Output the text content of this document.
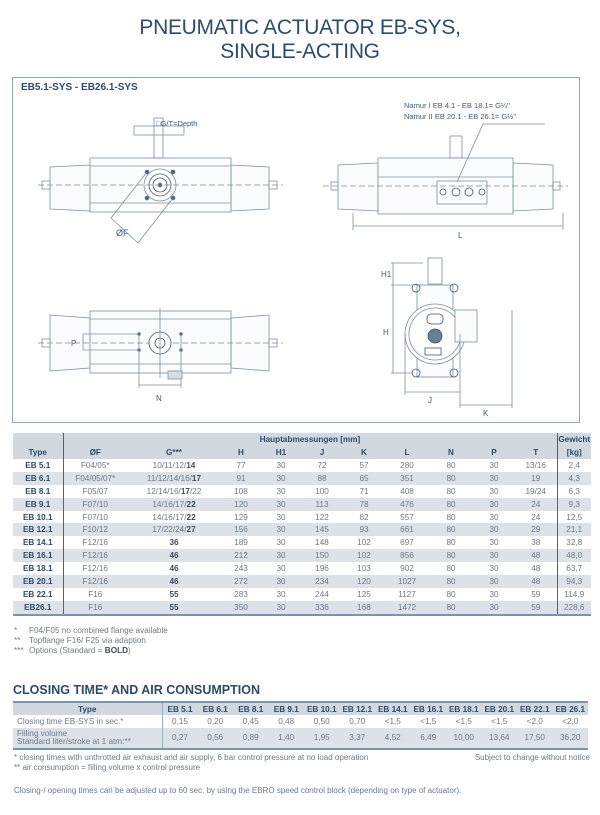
PNEUMATIC ACTUATOR EB-SYS,
SINGLE-ACTING
EB5.1-SYS - EB26.1-SYS
□G/T=Depth
ØF
Namur I EB 4.1 - EB 18.1= G¼"
Namur II EB 20.1 - EB 26.1= G½"
L
P
N
H
H1
J
K
	Hauptabmessungen [mm]										Gewicht
Type	ØF	G***	H	H1	J	K	L	N	P	T	[kg]
EB 5.1	F04/05*	10/11/12/14	77	30	72	57	280	80	30	13/16	2,4
EB 6.1	F04/05/07*	11/12/14/16/17	91	30	88	65	351	80	30	19	4,3
EB 8.1	F05/07	12/14/16/17/22	108	30	100	71	408	80	30	19/24	6,3
EB 9.1	F07/10	14/16/17/22	120	30	113	78	476	80	30	24	9,3
EB 10.1	F07/10	14/16/17/22	129	30	122	82	557	80	30	24	12,5
EB 12.1	F10/12	17/22/24/27	156	30	145	93	661	80	30	29	21,1
EB 14.1	F12/16	36	189	30	148	102	697	80	30	38	32,8
EB 16.1	F12/16	46	212	30	150	102	856	80	30	48	48,0
EB 18.1	F12/16	46	243	30	196	103	902	80	30	48	63,7
EB 20.1	F12/16	46	272	30	234	120	1027	80	30	48	94,3
EB 22.1	F16	55	283	30	244	125	1127	80	30	59	114,9
EB26.1	F16	55	350	30	336	168	1472	80	30	59	228,6
* F04/F05 no combined flange available
** Topflange F16/ F25 via adaption
*** Options (Standard = BOLD)
CLOSING TIME* AND AIR CONSUMPTION
Type	EB 5.1	EB 6.1	EB 8.1	EB 9.1	EB 10.1	EB 12.1	EB 14.1	EB 16.1	EB 18.1	EB 20.1	EB 22.1	EB 26.1
Closing time EB-SYS in sec.*	0,15	0,20	0,45	0,48	0,50	0,70	<1,5	<1,5	<1,5	<1,5	<2,0	<2,0

Filling volume
Standard liter/stroke at 1 atm:**	0,27	0,56	0,89	1,40	1,95	3,37	4,52	6,49	10,00	13,64	17,50	36,20
* closing times with unthrotted air exhaust and air supply, 6 bar control pressure at no load operation
** air consumption = filling volume x control pressure
Subject to change without notice
Closing-/ opening times can be adjusted up to 60 sec. by using the EBRO speed control block (depending on type of actuator).
